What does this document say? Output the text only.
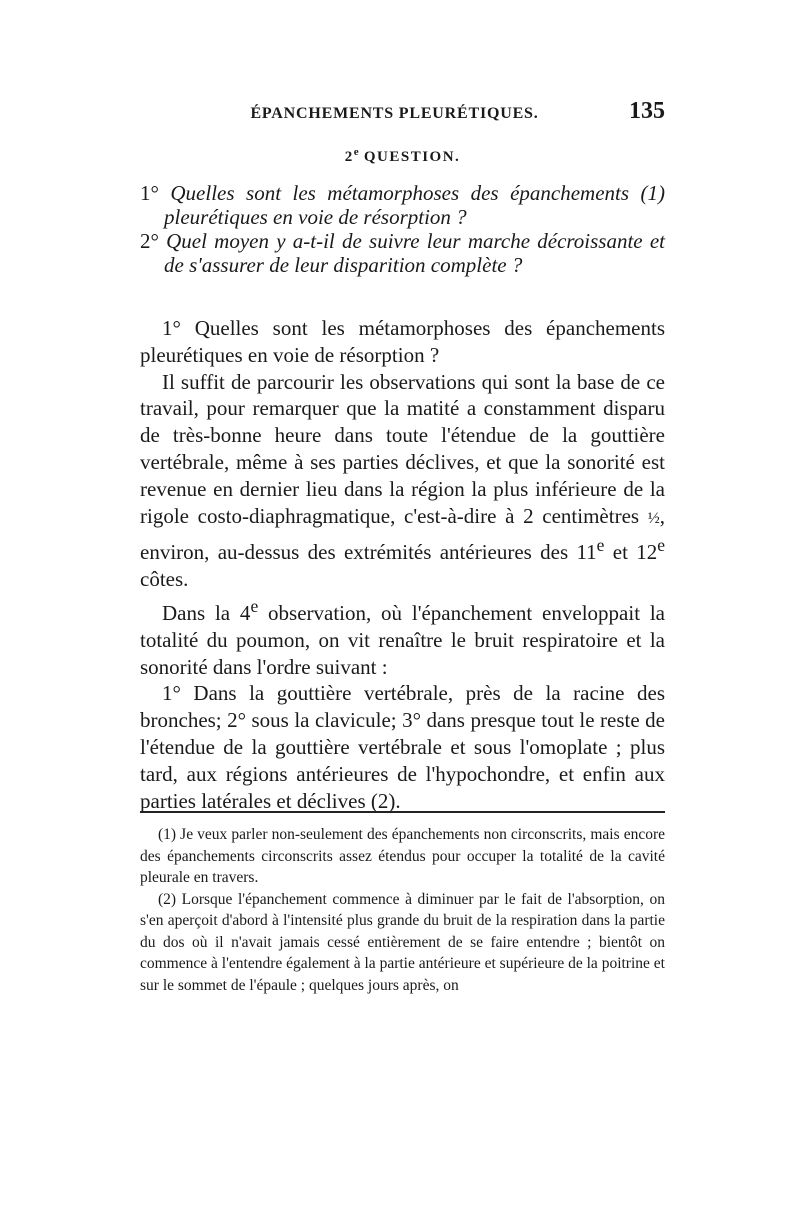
ÉPANCHEMENTS PLEURÉTIQUES.	135
2e QUESTION.

1° Quelles sont les métamorphoses des épanchements (1) pleurétiques en voie de résorption ?

2° Quel moyen y a-t-il de suivre leur marche décroissante et de s'assurer de leur disparition complète ?

1° Quelles sont les métamorphoses des épanchements pleurétiques en voie de résorption ?

Il suffit de parcourir les observations qui sont la base de ce travail, pour remarquer que la matité a constamment disparu de très-bonne heure dans toute l'étendue de la gouttière vertébrale, même à ses parties déclives, et que la sonorité est revenue en dernier lieu dans la région la plus inférieure de la rigole costo-diaphragmatique, c'est-à-dire à 2 centimètres ½, environ, au-dessus des extrémités antérieures des 11e et 12e côtes.

Dans la 4e observation, où l'épanchement enveloppait la totalité du poumon, on vit renaître le bruit respiratoire et la sonorité dans l'ordre suivant :

1° Dans la gouttière vertébrale, près de la racine des bronches; 2° sous la clavicule; 3° dans presque tout le reste de l'étendue de la gouttière vertébrale et sous l'omoplate ; plus tard, aux régions antérieures de l'hypochondre, et enfin aux parties latérales et déclives (2).

(1) Je veux parler non-seulement des épanchements non circonscrits, mais encore des épanchements circonscrits assez étendus pour occuper la totalité de la cavité pleurale en travers.

(2) Lorsque l'épanchement commence à diminuer par le fait de l'absorption, on s'en aperçoit d'abord à l'intensité plus grande du bruit de la respiration dans la partie du dos où il n'avait jamais cessé entièrement de se faire entendre ; bientôt on commence à l'entendre également à la partie antérieure et supérieure de la poitrine et sur le sommet de l'épaule ; quelques jours après, on
